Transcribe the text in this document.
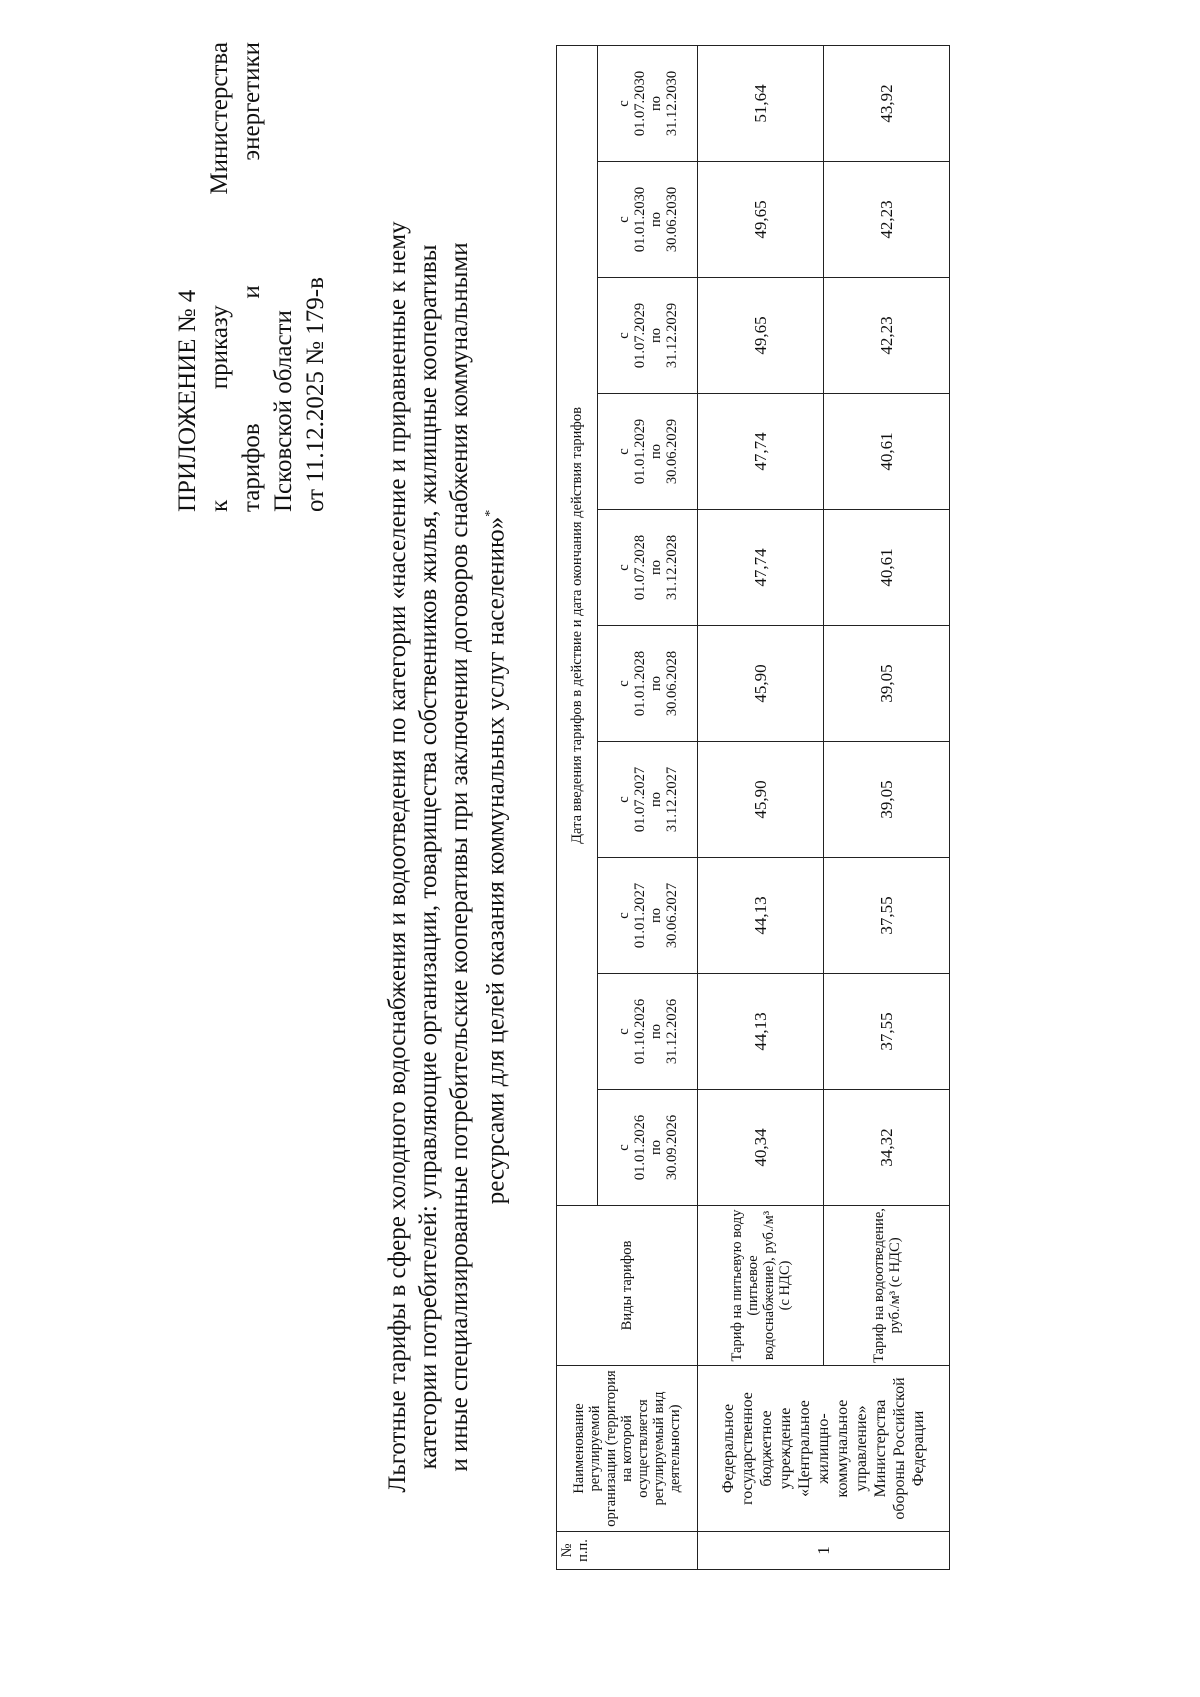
ПРИЛОЖЕНИЕ № 4 к
приказу
Министерства
тарифов
и
энергетики
Псковской области от 11.12.2025 № 179-в Льготные тарифы в сфере холодного водоснабжения и водоотведения по категории «население и приравненные к нему категории потребителей: управляющие организации, товарищества собственников жилья, жилищные кооперативы и иные специализированные потребительские кооперативы при заключении договоров снабжения коммунальными ресурсами для целей оказания коммунальных услуг населению»*
№ п.п.	Наименование регулируемой организации (территория на которой осуществляется регулируемый вид деятельности)	Виды тарифов	Дата введения тарифов в действие и дата окончания действия тарифов									

			с 01.01.2026 по 30.09.2026	с 01.10.2026 по 31.12.2026	с 01.01.2027 по 30.06.2027	с 01.07.2027 по 31.12.2027	с 01.01.2028 по 30.06.2028	с 01.07.2028 по 31.12.2028	с 01.01.2029 по 30.06.2029	с 01.07.2029 по 31.12.2029	с 01.01.2030 по 30.06.2030	с 01.07.2030 по 31.12.2030

1	Федеральное государственное бюджетное учреждение «Центральное жилищно-коммунальное управление» Министерства обороны Российской Федерации	Тариф на питьевую воду (питьевое водоснабжение), руб./м³ (с НДС)	40,34	44,13	44,13	45,90	45,90	47,74	47,74	49,65	49,65	51,64
		Тариф на водоотведение, руб./м³ (с НДС)	34,32	37,55	37,55	39,05	39,05	40,61	40,61	42,23	42,23	43,92
